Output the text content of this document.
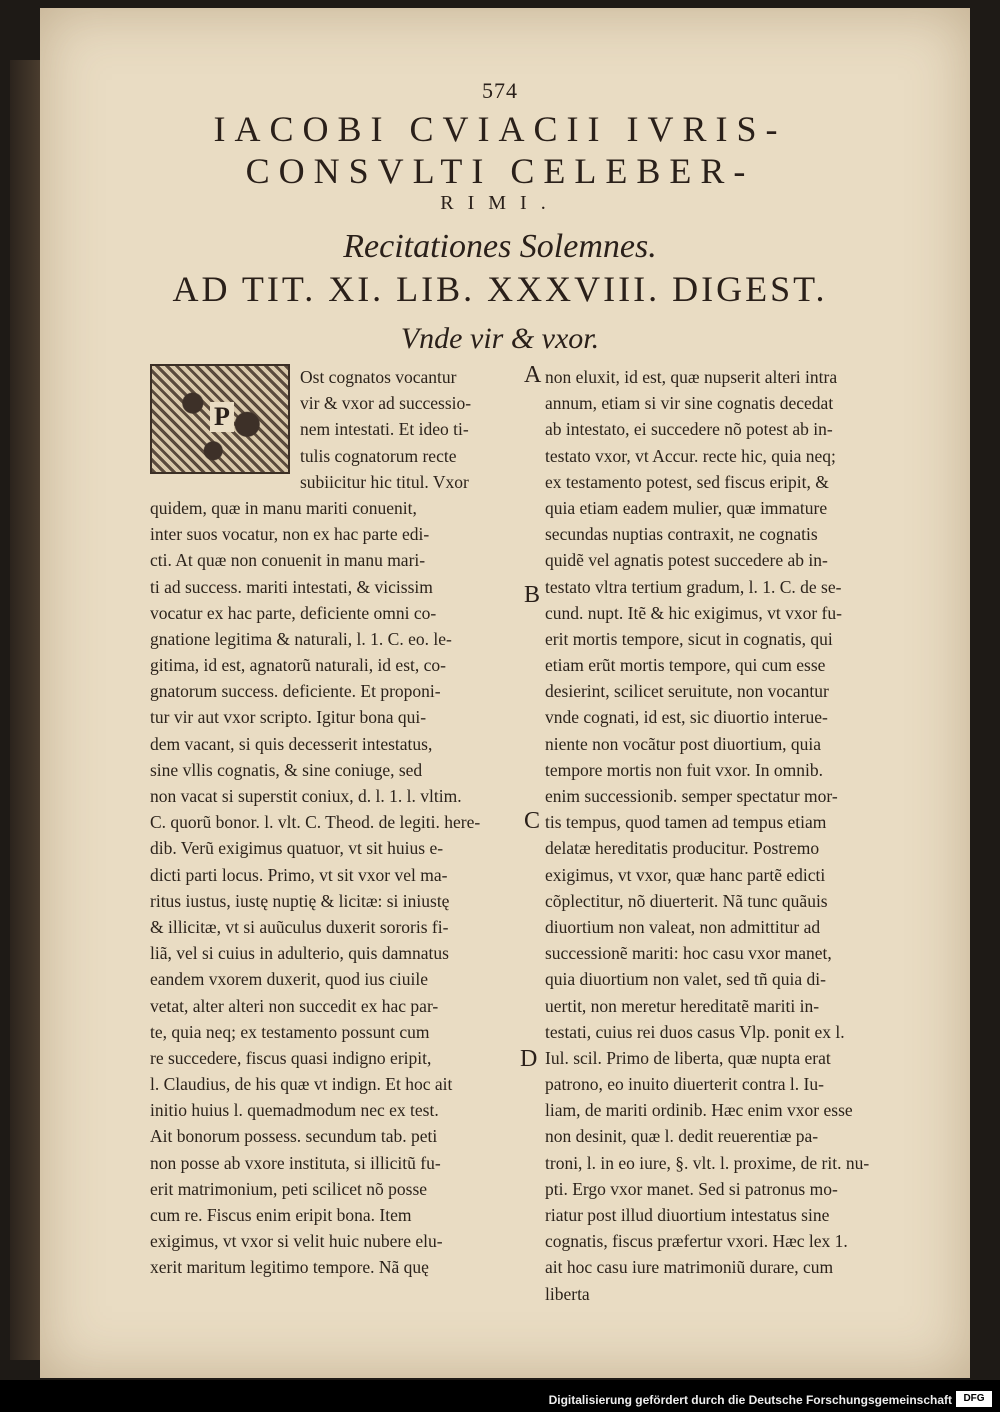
574
IACOBI CVIACII IVRIS-
CONSVLTI CELEBER-
RIMI.
Recitationes Solemnes.
AD TIT. XI. LIB. XXXVIII. DIGEST.
Vnde vir & vxor.
P
Ost cognatos vocantur
vir & vxor ad successio-
nem intestati. Et ideo ti-
tulis cognatorum recte
subiicitur hic titul. Vxor
quidem, quæ in manu mariti conuenit,
inter suos vocatur, non ex hac parte edi-
cti. At quæ non conuenit in manu mari-
ti ad success. mariti intestati, & vicissim
vocatur ex hac parte, deficiente omni co-
gnatione legitima & naturali, l. 1. C. eo. le-
gitima, id est, agnatorũ naturali, id est, co-
gnatorum success. deficiente. Et proponi-
tur vir aut vxor scripto. Igitur bona qui-
dem vacant, si quis decesserit intestatus,
sine vllis cognatis, & sine coniuge, sed
non vacat si superstit coniux, d. l. 1. l. vltim.
C. quorũ bonor. l. vlt. C. Theod. de legiti. here-
dib. Verũ exigimus quatuor, vt sit huius e-
dicti parti locus. Primo, vt sit vxor vel ma-
ritus iustus, iustę nuptię & licitæ: si iniustę
& illicitæ, vt si auũculus duxerit sororis fi-
liã, vel si cuius in adulterio, quis damnatus
eandem vxorem duxerit, quod ius ciuile
vetat, alter alteri non succedit ex hac par-
te, quia neq; ex testamento possunt cum
re succedere, fiscus quasi indigno eripit,
l. Claudius, de his quæ vt indign. Et hoc ait
initio huius l. quemadmodum nec ex test.
Ait bonorum possess. secundum tab. peti
non posse ab vxore instituta, si illicitũ fu-
erit matrimonium, peti scilicet nõ posse
cum re. Fiscus enim eripit bona. Item
exigimus, vt vxor si velit huic nubere elu-
xerit maritum legitimo tempore. Nã quę
non eluxit, id est, quæ nupserit alteri intra
annum, etiam si vir sine cognatis decedat
ab intestato, ei succedere nõ potest ab in-
testato vxor, vt Accur. recte hic, quia neq;
ex testamento potest, sed fiscus eripit, &
quia etiam eadem mulier, quæ immature
secundas nuptias contraxit, ne cognatis
quidẽ vel agnatis potest succedere ab in-
testato vltra tertium gradum, l. 1. C. de se-
cund. nupt. Itẽ & hic exigimus, vt vxor fu-
erit mortis tempore, sicut in cognatis, qui
etiam erũt mortis tempore, qui cum esse
desierint, scilicet seruitute, non vocantur
vnde cognati, id est, sic diuortio interue-
niente non vocãtur post diuortium, quia
tempore mortis non fuit vxor. In omnib.
enim successionib. semper spectatur mor-
tis tempus, quod tamen ad tempus etiam
delatæ hereditatis producitur. Postremo
exigimus, vt vxor, quæ hanc partẽ edicti
cõplectitur, nõ diuerterit. Nã tunc quãuis
diuortium non valeat, non admittitur ad
successionẽ mariti: hoc casu vxor manet,
quia diuortium non valet, sed tñ quia di-
uertit, non meretur hereditatẽ mariti in-
testati, cuius rei duos casus Vlp. ponit ex l.
Iul. scil. Primo de liberta, quæ nupta erat
patrono, eo inuito diuerterit contra l. Iu-
liam, de mariti ordinib. Hæc enim vxor esse
non desinit, quæ l. dedit reuerentiæ pa-
troni, l. in eo iure, §. vlt. l. proxime, de rit. nu-
pti. Ergo vxor manet. Sed si patronus mo-
riatur post illud diuortium intestatus sine
cognatis, fiscus præfertur vxori. Hæc lex 1.
ait hoc casu iure matrimoniũ durare, cum
liberta
A
B
C
D
Digitalisierung gefördert durch die Deutsche Forschungsgemeinschaft	DFG
